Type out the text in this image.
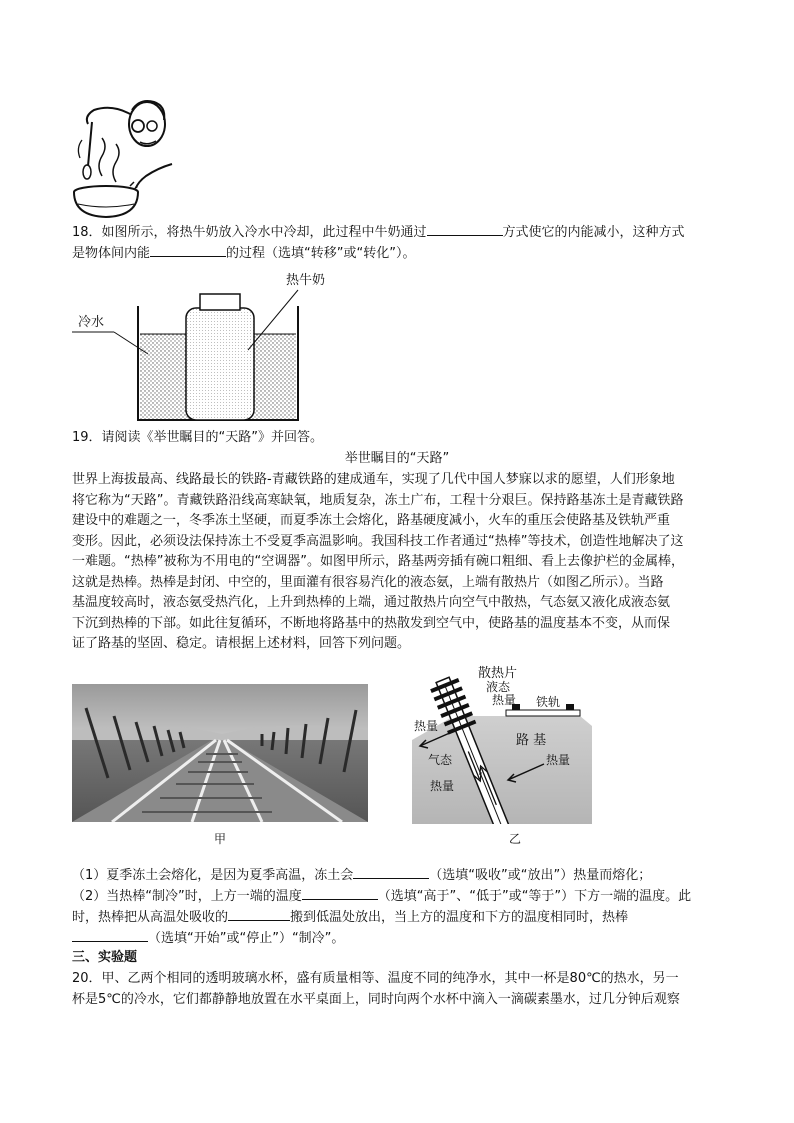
18．如图所示，将热牛奶放入冷水中冷却，此过程中牛奶通过	方式使它的内能减小，这种方式
是物体间内能	的过程（选填“转移”或“转化”）。
冷水
热牛奶
19．请阅读《举世瞩目的“天路”》并回答。
举世瞩目的“天路”
世界上海拔最高、线路最长的铁路-青藏铁路的建成通车，实现了几代中国人梦寐以求的愿望，人们形象地
将它称为“天路”。青藏铁路沿线高寒缺氧，地质复杂，冻土广布，工程十分艰巨。保持路基冻土是青藏铁路
建设中的难题之一，冬季冻土坚硬，而夏季冻土会熔化，路基硬度减小，火车的重压会使路基及铁轨严重
变形。因此，必须设法保持冻土不受夏季高温影响。我国科技工作者通过“热棒”等技术，创造性地解决了这
一难题。“热棒”被称为不用电的“空调器”。如图甲所示，路基两旁插有碗口粗细、看上去像护栏的金属棒，
这就是热棒。热棒是封闭、中空的，里面灌有很容易汽化的液态氨，上端有散热片（如图乙所示）。当路
基温度较高时，液态氨受热汽化，上升到热棒的上端，通过散热片向空气中散热，气态氨又液化成液态氨
下沉到热棒的下部。如此往复循环，不断地将路基中的热散发到空气中，使路基的温度基本不变，从而保
证了路基的坚固、稳定。请根据上述材料，回答下列问题。
甲
散热片
液态
热量 铁轨
热量
路 基
气态	热量
热量
乙
（1）夏季冻土会熔化，是因为夏季高温，冻土会	（选填“吸收”或“放出”）热量而熔化；
（2）当热棒“制冷”时，上方一端的温度	（选填“高于”、“低于”或“等于”）下方一端的温度。此
时，热棒把从高温处吸收的	搬到低温处放出，当上方的温度和下方的温度相同时，热棒
（选填“开始”或“停止”）“制冷”。
三、实验题
20．甲、乙两个相同的透明玻璃水杯，盛有质量相等、温度不同的纯净水，其中一杯是80℃的热水，另一
杯是5℃的冷水，它们都静静地放置在水平桌面上，同时向两个水杯中滴入一滴碳素墨水，过几分钟后观察
